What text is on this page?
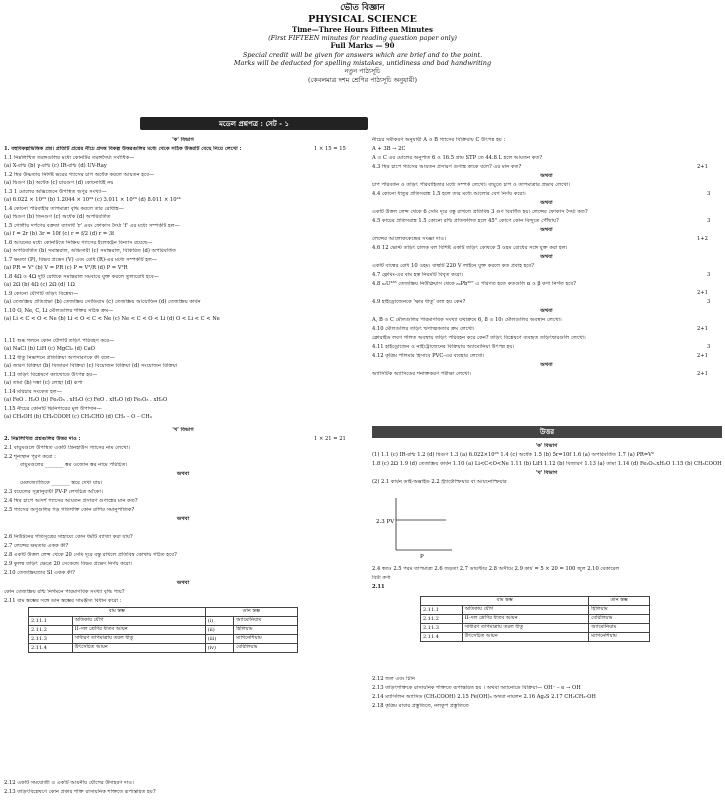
ভৌত বিজ্ঞান
PHYSICAL SCIENCE
Time—Three Hours Fifteen Minutes
(First FIFTEEN minutes for reading question paper only)
Full Marks — 90
Special credit will be given for answers which are brief and to the point.
Marks will be deducted for spelling mistakes, untidiness and bad handwriting
নতুন পাঠ্যসূচি
(কেবলমাত্র দশম শ্রেণির পাঠ্যসূচি অনুযায়ী)
মডেল প্রশ্নপত্র : সেট - ১
'ক' বিভাগ
1. বহুবিকল্পভিত্তিক প্রশ্ন। প্রতিটি প্রশ্নের নীচে প্রদত্ত বিকল্প উত্তরগুলির মধ্যে থেকে সঠিক উত্তরটি বেছে নিয়ে লেখো :	1 × 15 = 15
1.1 নিম্নলিখিত তরঙ্গগুলির মধ্যে কোনটির তরঙ্গদৈর্ঘ্য সর্বাধিক—
(a) X-রশ্মি (b) γ-রশ্মি (c) IR-রশ্মি (d) UV-Ray
1.2 স্থির উষ্ণতায় নির্দিষ্ট ভরের গ্যাসের চাপ অর্ধেক করলে আয়তন হবে—
(a) দ্বিগুণ (b) অর্ধেক (c) চারগুণ (d) কোনোটিই নয়
1.3 1 মোলের অক্সিজেনে উপস্থিত অণুর সংখ্যা—
(a) 6.022 × 10²³ (b) 1.2044 × 10²⁴ (c) 3.011 × 10²³ (d) 8.011 × 10²⁴
1.4 কোনো পরিবাহীর তাপমাত্রা বৃদ্ধি করলে তার রোধাঙ্ক—
(a) দ্বিগুণ (b) তিনগুণ (c) অর্ধেক (d) অপরিবর্তিত
1.5 গোলীয় দর্পণের বক্রতা ব্যাসার্ধ 'r' এবং ফোকাস দৈর্ঘ্য 'f' এর মধ্যে সম্পর্কটি হল—
(a) f = 2r (b) 3r = 10f (c) r = f/2 (d) r = 3f
1.6 আয়নের মধ্যে কোনটিতে নিষ্ক্রিয় গ্যাসের ইলেকট্রন বিন্যাস রয়েছে—
(a) অপরিবর্তিত (b) সমান্তরাল, অভিসারী (c) সমান্তরাল, বিকিরিত (d) অপরিবর্তিত
1.7 ক্ষমতা (P), বিভব প্রভেদ (V) এবং রোধ (R)-এর মধ্যে সম্পর্কটি হল—
(a) PR = V² (b) V = PR (c) P = V²/R (d) P = V²R
1.8 4Ω ও 4Ω দুটি রোধকে সমান্তরাল সমবায়ে যুক্ত করলে তুল্যরোধ হবে—
(a) 2Ω (b) 4Ω (c) 2Ω (d) 1Ω
1.9 কোনো যৌগটি তড়িৎ বিশ্লেষ্য—
(a) তেজস্ক্রিয় প্রতিপ্রভা (b) তেজস্ক্রিয় সোডিয়াম (c) তেজস্ক্রিয় আয়োডিন (d) তেজস্ক্রিয় কার্বন
1.10 O, Ne, C, Li মৌলগুলির শক্তির সঠিক ক্রম—
(a) Li < C < O < Ne (b) Li < O < C < Ne (c) Ne < C < O < Li (d) O < Li < C < Ne
1.11 শুষ্ক গলনে কোন যৌগটি তড়িৎ পরিবহণ করে—
(a) NaCl (b) LiH (c) MgCl₂ (d) CaO
1.12 ধাতু নিষ্কাশনে প্রতিক্রিয়া অপসারণকে কী বলে—
(a) জারণ বিক্রিয়া (b) বিজারণ বিক্রিয়া (c) বিয়োজন বিক্রিয়া (d) সংযোজন বিক্রিয়া
1.13 তড়িৎ বিশ্লেষণে ক্যাথোডে উৎপন্ন হয়—
(a) তামা (b) দস্তা (c) লোহা (d) রূপা
1.14 মরিচার সংকেত হল—
(a) FeO . H₂O (b) Fe₂O₃ . xH₂O (c) FeO . xH₂O (d) Fe₂O₃ . xH₂O
1.15 নীচের কোনটি ভিনিগারের মূল উপাদান—
(a) CH₃OH (b) CH₃COOH (c) CH₃CHO (d) CH₃ – O – CH₃
'খ' বিভাগ
2. নিম্নলিখিত প্রশ্নগুলির উত্তর দাও :	1 × 21 = 21
2.1 বায়ুমণ্ডলে উপস্থিত একটি গ্রিনহাউস গ্যাসের নাম লেখো।
2.2 শূন্যস্থান পূরণ করো :
বায়ুমণ্ডলের _______ স্তর ওজোন স্তর নামে পরিচিত।
অথবা
মেরুজ্যোতিকে _______ স্তরে দেখা যায়।
2.3 বয়েলের সূত্রানুযায়ী PV-P লেখচিত্র আঁকো।
2.4 স্থির চাপে আদর্শ গ্যাসের আয়তন প্রসারণ গুণাঙ্কের মান কত?
2.5 গ্যাসের অণুগুলির গড় গতিশক্তি কোন রাশির সমানুপাতিক?
অথবা
2.6 নিউটনের গতিসূত্রের সাহায্যে কোন ধর্মটি ব্যাখ্যা করা যায়?
2.7 লেন্সের ক্ষমতার একক কী?
2.8 একটি উত্তল লেন্স থেকে 20 সেমি দূরে বস্তু রাখলে প্রতিবিম্ব কোথায় গঠিত হবে?
2.9 কুলম্ব তড়িৎ ক্ষেত্রে 20 সেকেন্ডে বিভব প্রভেদ নির্ণয় করো।
2.10 তেজস্ক্রিয়তার SI একক কী?
অথবা
কোন তেজস্ক্রিয় রশ্মি নির্গমনে পারমাণবিক সংখ্যা বৃদ্ধি পায়?
2.11 বাম স্তম্ভের সঙ্গে ডান স্তম্ভের সামঞ্জস্য বিধান করো :
2.12 একটি সমযোজী ও একটি আয়নীয় যৌগের উদাহরণ দাও।
2.13 তড়িৎবিশ্লেষণে কোন প্রকার শক্তি রাসায়নিক শক্তিতে রূপান্তরিত হয়?
নীচের সমীকরণ অনুযায়ী A ও B গ্যাসের বিক্রিয়ায় C উৎপন্ন হয় :
A + 3B → 2C
A ও C এর মোলের অনুপাত 6 ও 16.5 গ্রাম STP তে 44.8 L হলে আয়তন কত?
4.3 স্থির চাপে গ্যাসের আয়তন প্রসারণ গুণাঙ্ক কাকে বলে? এর মান কত?	2+1
অথবা
চাপ পরিবর্তন ও তড়িৎ পরিবাহিতার মধ্যে সম্পর্ক লেখো। বায়ুতে চাপ ও তাপমাত্রার প্রভাব লেখো।
4.4 কোনো ধাতুর প্রতিসরাঙ্ক 1.5 হলে তার মধ্যে আলোর বেগ নির্ণয় করো।	3
অথবা
একটি উত্তল লেন্স থেকে 6 সেমি দূরে বস্তু রাখলে প্রতিবিম্ব 3 গুণ বিবর্ধিত হয়। লেন্সের ফোকাস দৈর্ঘ্য কত?
4.5 কাচের প্রতিসরাঙ্ক 1.5 কোনো রশ্মি প্রতিফলিত হলে 45° কোণে কোন বিন্দুতে পৌঁছায়?	3
অথবা
লেন্সের আলোককেন্দ্রের সংজ্ঞা দাও।	1+2
4.6 12 ভোল্ট তড়িৎ চালক বল বিশিষ্ট একটি তড়িৎ কোষকে 5 ওহম রোধের সঙ্গে যুক্ত করা হল।
অথবা
একটি বাল্বের রোধ 10 ওহম। বাল্বটি 220 V লাইনে যুক্ত করলে কত প্রবাহ হবে?
4.7 ফ্লেমিং-এর বাম হস্ত নিয়মটি বিবৃত করো।	3
4.8 ₉₂U²³⁵ তেজস্ক্রিয় নিউক্লিয়াস থেকে ₈₂Pb²⁰⁷ এ পরিণত হতে কতগুলি α ও β কণা নির্গত হবে?
2+1
4.9 হাইড্রোজেনকে 'ক্ষার ধাতু' বলা হয় কেন?	3
অথবা
A, B ও C মৌলগুলির পারমাণবিক সংখ্যা যথাক্রমে 6, 8 ও 10। মৌলগুলির অবস্থান লেখো।
4.10 মৌলগুলির তড়িৎ ঋণাত্মকতার ক্রম লেখো।	2+1
ক্লোরাইড লবণ গলিত অবস্থায় তড়িৎ পরিবহন করে কেন? তড়িৎ বিশ্লেষণে ব্যবহৃত তড়িৎদ্বারগুলি লেখো।
4.11 হাইড্রোজেন ও নাইট্রোজেনের বিক্রিয়ায় অ্যামোনিয়া উৎপন্ন হয়।	3
4.12 কৃত্রিম পলিমার হিসাবে PVC-এর ব্যবহার লেখো।	2+1
অথবা
অ্যাসিটিক অ্যাসিডের শনাক্তকরণ পরীক্ষা লেখো।	2+1
'ক' বিভাগ
(1) 1.1 (c) IR-রশ্মি 1.2 (d) দ্বিগুণ 1.3 (a) 6.022×10²³ 1.4 (c) অর্ধেক 1.5 (b) 5r=10f 1.6 (a) অপরিবর্তিত 1.7 (a) PR=V²
1.8 (c) 2Ω 1.9 (d) তেজস্ক্রিয় কার্বন 1.10 (a) Li<C<O<Ne 1.11 (b) LiH 1.12 (b) বিজারণ 1.13 (a) তামা 1.14 (d) Fe₂O₃.xH₂O 1.15 (b) CH₃COOH
'খ' বিভাগ
(2) 2.1 কার্বন ডাই-অক্সাইড 2.2 স্ট্র্যাটোস্ফিয়ার বা আয়নোস্ফিয়ার
2.4 স্বতঃ 2.5 পরম তাপমাত্রা 2.6 জড়তা 2.7 ডায়প্টার 2.8 অসীমে 2.9 কার্য = 5 × 20 = 100 জুল 2.10 বেকারেল
বিটা কণা
2.11
2.12 জল এবং চিনি
2.13 তড়িৎশক্তিকে রাসায়নিক শক্তিতে রূপান্তরিত হয় । অথবা অ্যানোডে বিক্রিয়া— OH⁻ – e → OH
2.14 ম্যাসিলিন অ্যাসিড (CH₃COOH) 2.15 Fe(OH)₃ অথবা নায়লন 2.16 Ag₂S 2.17 CH₂CH₂-OH
2.18 কৃত্রিম রাবার প্রস্তুতিতে, নলকূপ প্রস্তুতিতে
বাম স্তম্ভ		ডান স্তম্ভ	
2.11.1	অতিকায় যৌগ	(i)	অ্যামোনিয়াম
2.11.2	II–দল শ্রেণির ধাতব আয়ন	(ii)	হিলিয়াম
2.11.3	সাধারণ তাপমাত্রায় তরল ধাতু	(iii)	ম্যাগনেশিয়াম
2.11.4	উৎসেচিত আয়ন	(iv)	বেরিলিয়াম
উত্তর
2.3 PV
P
বাম স্তম্ভ		ডান স্তম্ভ
2.11.1	অতিকায় যৌগ	হিলিয়াম
2.11.2	II–দল শ্রেণির ধাতব আয়ন	বেরিলিয়াম
2.11.3	সাধারণ তাপমাত্রায় তরল ধাতু	অ্যামোনিয়াম
2.11.4	উৎসেচিত আয়ন	ম্যাগনেশিয়াম
